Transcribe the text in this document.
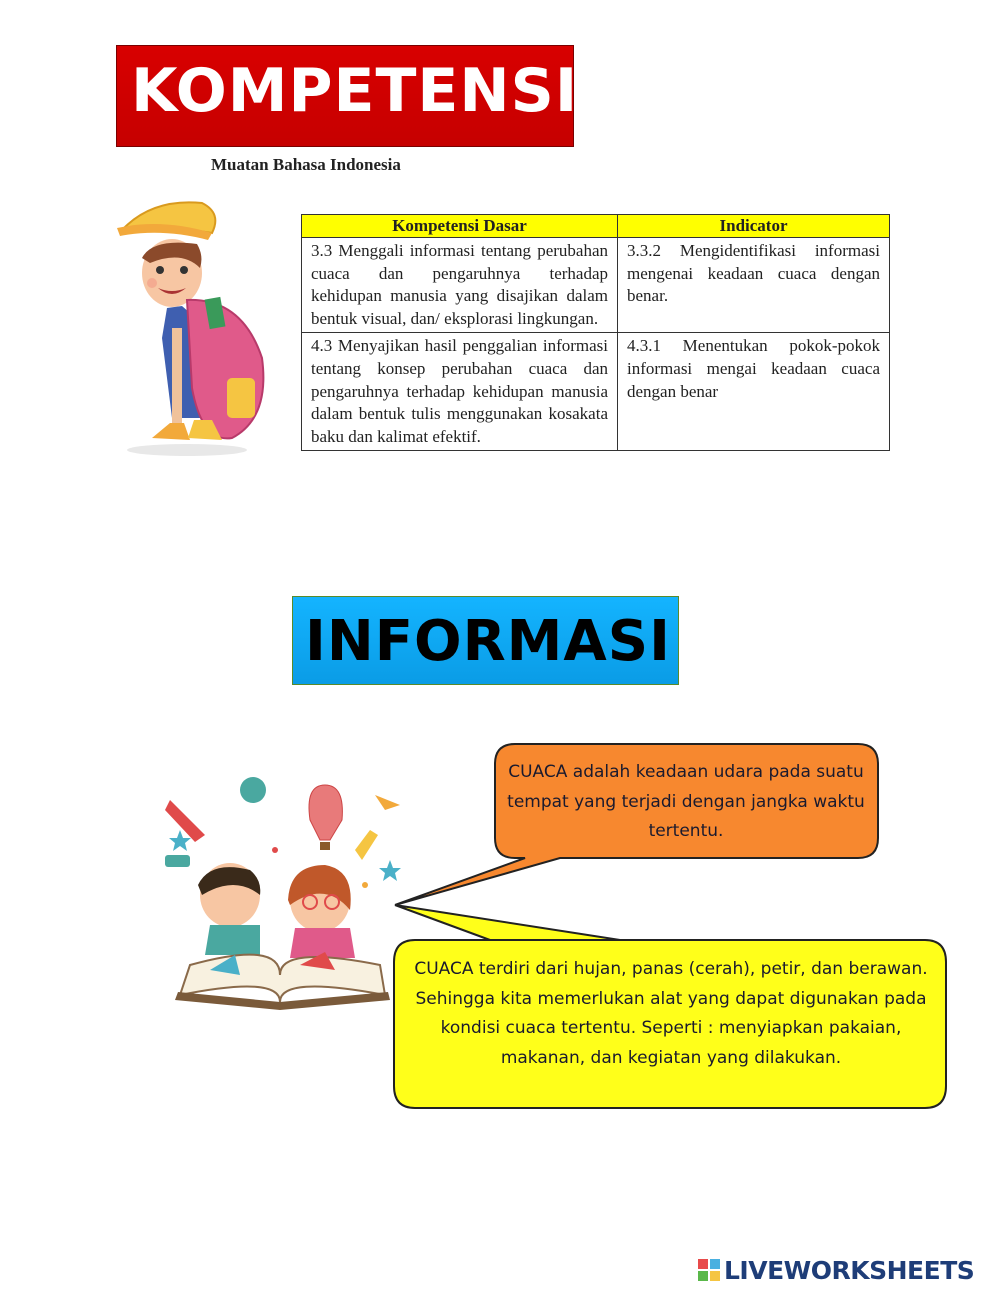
KOMPETENSI
Muatan Bahasa Indonesia
Kompetensi Dasar	Indicator
3.3 Menggali informasi tentang perubahan cuaca dan pengaruhnya terhadap kehidupan manusia yang disajikan dalam bentuk visual, dan/ eksplorasi lingkungan.	3.3.2 Mengidentifikasi informasi mengenai keadaan cuaca dengan benar.
4.3 Menyajikan hasil penggalian informasi tentang konsep perubahan cuaca dan pengaruhnya terhadap kehidupan manusia dalam bentuk tulis menggunakan kosakata baku dan kalimat efektif.	4.3.1 Menentukan pokok-pokok informasi mengai keadaan cuaca dengan benar
INFORMASI
CUACA adalah keadaan udara pada suatu tempat yang terjadi dengan jangka waktu tertentu.
CUACA terdiri dari hujan, panas (cerah), petir, dan berawan. Sehingga kita memerlukan alat yang dapat digunakan pada kondisi cuaca tertentu. Seperti : menyiapkan pakaian, makanan, dan kegiatan yang dilakukan.
LIVEWORKSHEETS
